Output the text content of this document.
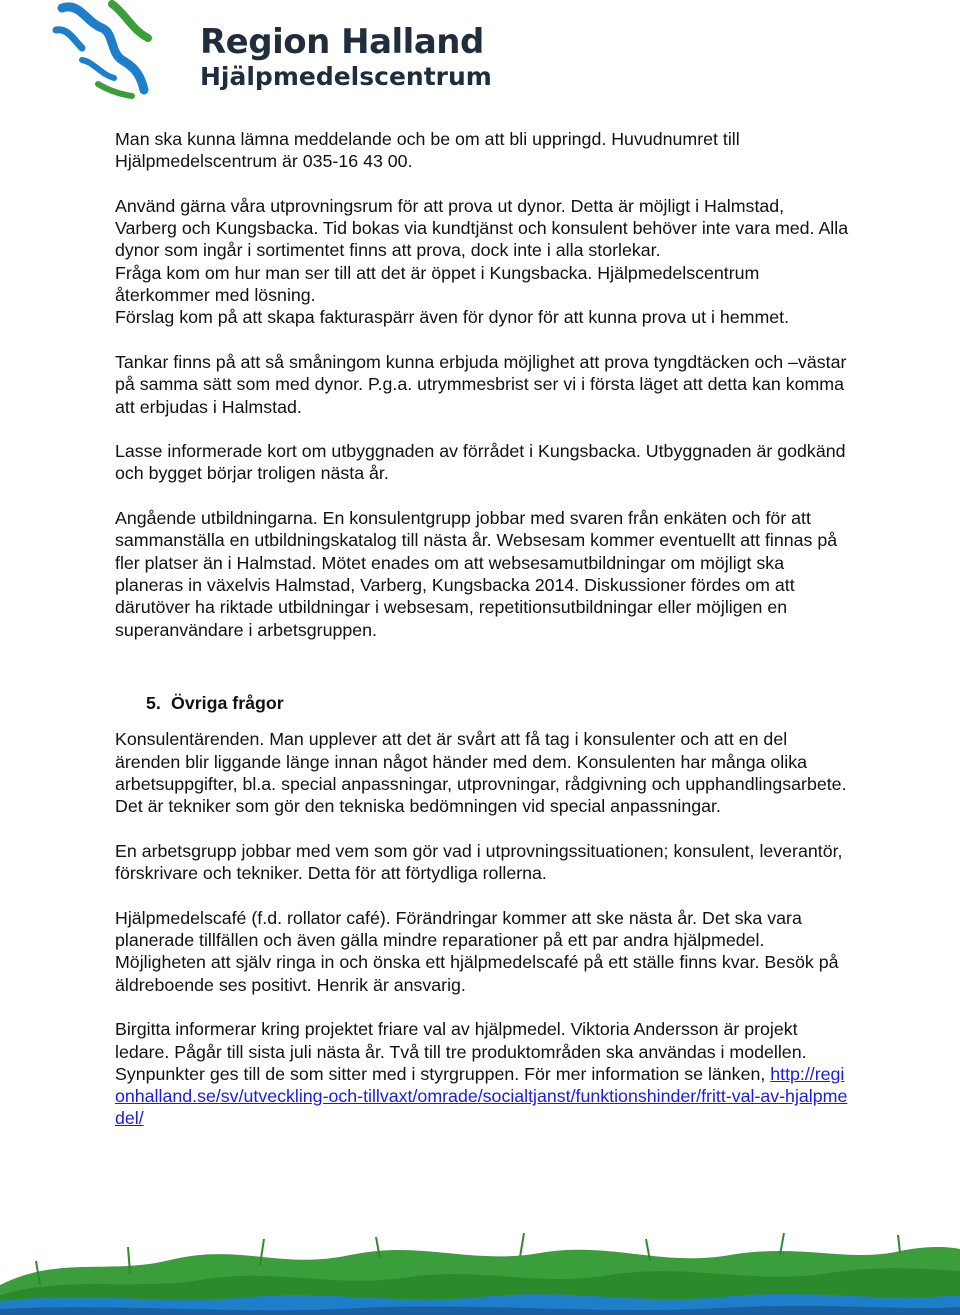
Region Halland
Hjälpmedelscentrum

Man ska kunna lämna meddelande och be om att bli uppringd. Huvudnumret till Hjälpmedelscentrum är 035-16 43 00.

Använd gärna våra utprovningsrum för att prova ut dynor. Detta är möjligt i Halmstad, Varberg och Kungsbacka. Tid bokas via kundtjänst och konsulent behöver inte vara med. Alla dynor som ingår i sortimentet finns att prova, dock inte i alla storlekar.
Fråga kom om hur man ser till att det är öppet i Kungsbacka. Hjälpmedelscentrum återkommer med lösning.
Förslag kom på att skapa fakturaspärr även för dynor för att kunna prova ut i hemmet.

Tankar finns på att så småningom kunna erbjuda möjlighet att prova tyngdtäcken och –västar på samma sätt som med dynor. P.g.a. utrymmesbrist ser vi i första läget att detta kan komma att erbjudas i Halmstad.

Lasse informerade kort om utbyggnaden av förrådet i Kungsbacka. Utbyggnaden är godkänd och bygget börjar troligen nästa år.

Angående utbildningarna. En konsulentgrupp jobbar med svaren från enkäten och för att sammanställa en utbildningskatalog till nästa år. Websesam kommer eventuellt att finnas på fler platser än i Halmstad. Mötet enades om att websesamutbildningar om möjligt ska planeras in växelvis Halmstad, Varberg, Kungsbacka 2014. Diskussioner fördes om att därutöver ha riktade utbildningar i websesam, repetitionsutbildningar eller möjligen en superanvändare i arbetsgruppen.

5. Övriga frågor

Konsulentärenden. Man upplever att det är svårt att få tag i konsulenter och att en del ärenden blir liggande länge innan något händer med dem. Konsulenten har många olika arbetsuppgifter, bl.a. special anpassningar, utprovningar, rådgivning och upphandlingsarbete. Det är tekniker som gör den tekniska bedömningen vid special anpassningar.

En arbetsgrupp jobbar med vem som gör vad i utprovningssituationen; konsulent, leverantör, förskrivare och tekniker. Detta för att förtydliga rollerna.

Hjälpmedelscafé (f.d. rollator café). Förändringar kommer att ske nästa år. Det ska vara planerade tillfällen och även gälla mindre reparationer på ett par andra hjälpmedel. Möjligheten att själv ringa in och önska ett hjälpmedelscafé på ett ställe finns kvar. Besök på äldreboende ses positivt. Henrik är ansvarig.

Birgitta informerar kring projektet friare val av hjälpmedel. Viktoria Andersson är projekt ledare. Pågår till sista juli nästa år. Två till tre produktområden ska användas i modellen. Synpunkter ges till de som sitter med i styrgruppen. För mer information se länken, http://regionhalland.se/sv/utveckling-och-tillvaxt/omrade/socialtjanst/funktionshinder/fritt-val-av-hjalpmedel/
